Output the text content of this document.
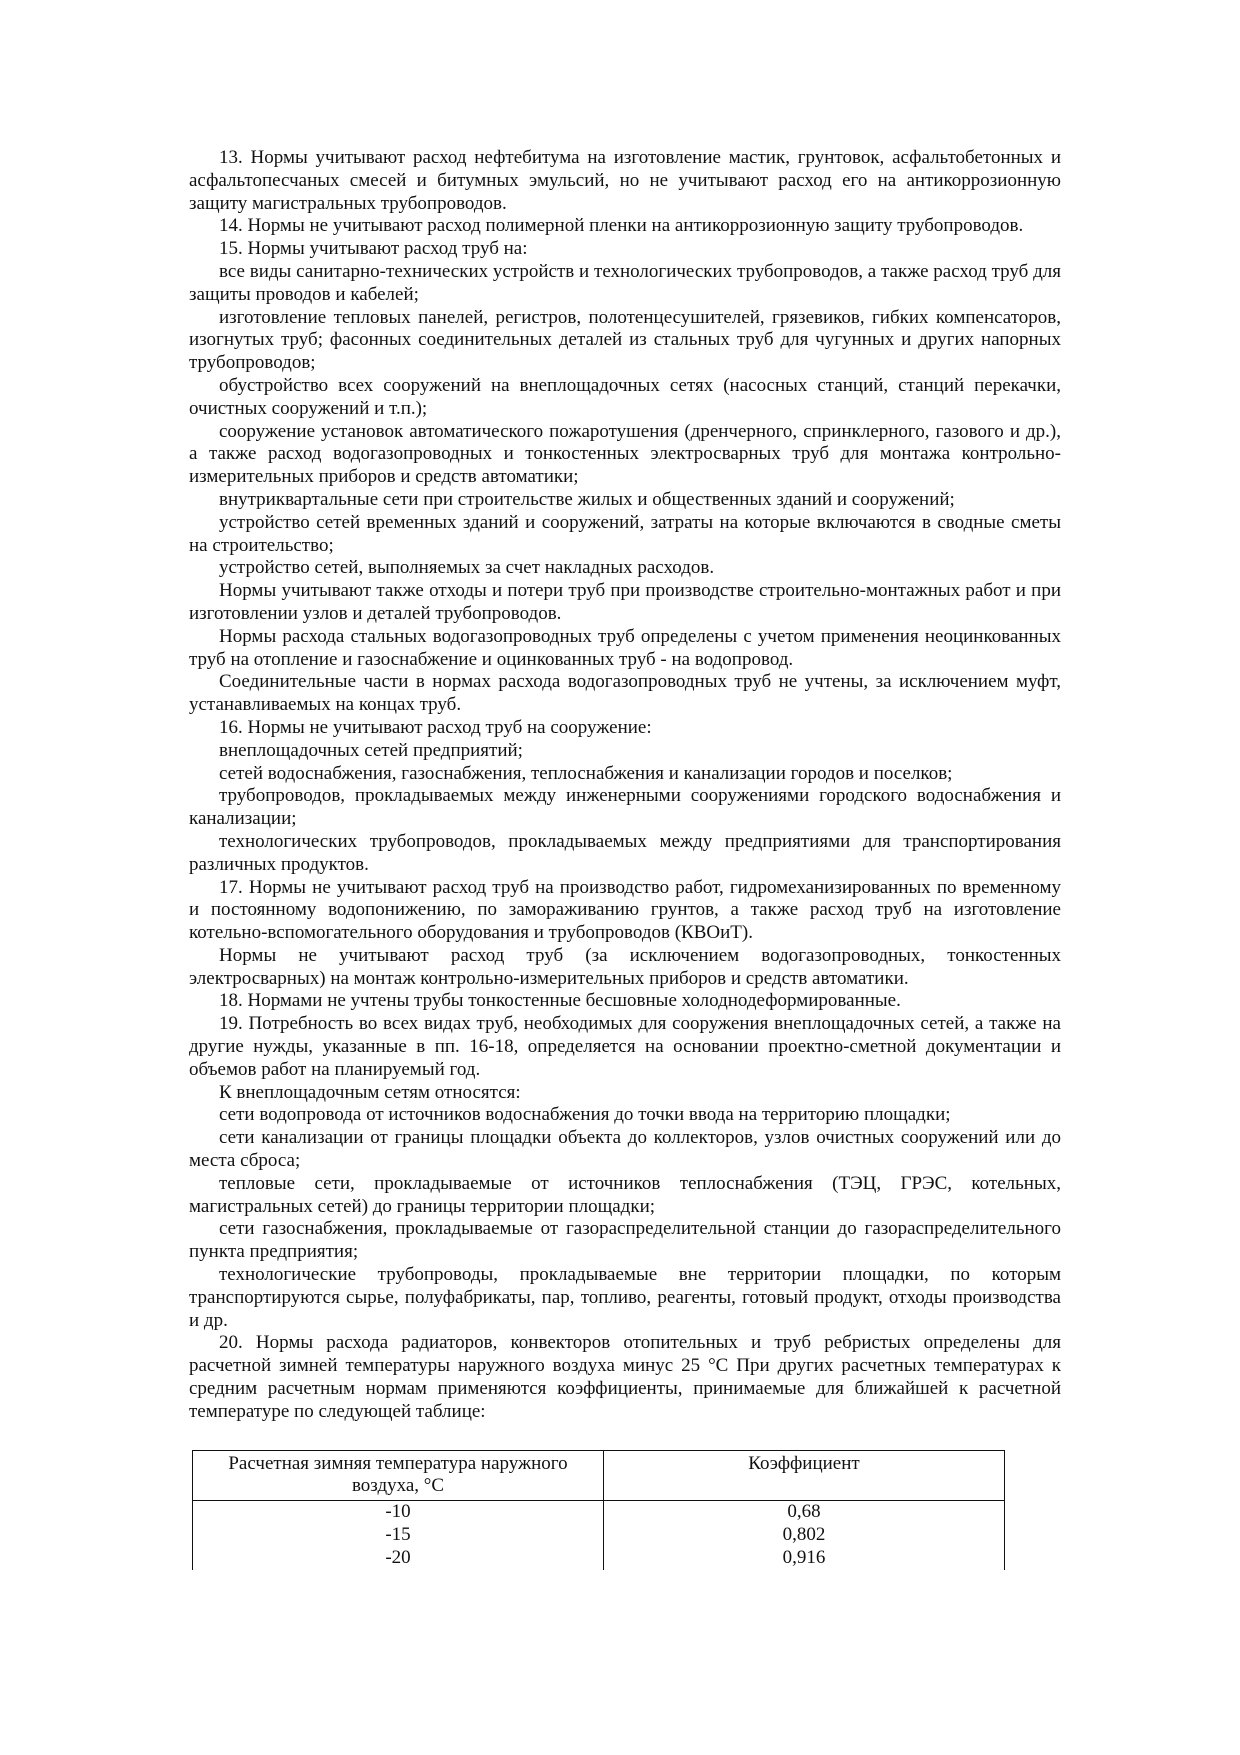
13. Нормы учитывают расход нефтебитума на изготовление мастик, грунтовок, асфальтобетонных и асфальтопесчаных смесей и битумных эмульсий, но не учитывают расход его на антикоррозионную защиту магистральных трубопроводов.

14. Нормы не учитывают расход полимерной пленки на антикоррозионную защиту трубопроводов.

15. Нормы учитывают расход труб на:

все виды санитарно-технических устройств и технологических трубопроводов, а также расход труб для защиты проводов и кабелей;

изготовление тепловых панелей, регистров, полотенцесушителей, грязевиков, гибких компенсаторов, изогнутых труб; фасонных соединительных деталей из стальных труб для чугунных и других напорных трубопроводов;

обустройство всех сооружений на внеплощадочных сетях (насосных станций, станций перекачки, очистных сооружений и т.п.);

сооружение установок автоматического пожаротушения (дренчерного, спринклерного, газового и др.), а также расход водогазопроводных и тонкостенных электросварных труб для монтажа контрольно-измерительных приборов и средств автоматики;

внутриквартальные сети при строительстве жилых и общественных зданий и сооружений;

устройство сетей временных зданий и сооружений, затраты на которые включаются в сводные сметы на строительство;

устройство сетей, выполняемых за счет накладных расходов.

Нормы учитывают также отходы и потери труб при производстве строительно-монтажных работ и при изготовлении узлов и деталей трубопроводов.

Нормы расхода стальных водогазопроводных труб определены с учетом применения неоцинкованных труб на отопление и газоснабжение и оцинкованных труб - на водопровод.

Соединительные части в нормах расхода водогазопроводных труб не учтены, за исключением муфт, устанавливаемых на концах труб.

16. Нормы не учитывают расход труб на сооружение:

внеплощадочных сетей предприятий;

сетей водоснабжения, газоснабжения, теплоснабжения и канализации городов и поселков;

трубопроводов, прокладываемых между инженерными сооружениями городского водоснабжения и канализации;

технологических трубопроводов, прокладываемых между предприятиями для транспортирования различных продуктов.

17. Нормы не учитывают расход труб на производство работ, гидромеханизированных по временному и постоянному водопонижению, по замораживанию грунтов, а также расход труб на изготовление котельно-вспомогательного оборудования и трубопроводов (КВОиТ).

Нормы не учитывают расход труб (за исключением водогазопроводных, тонкостенных электросварных) на монтаж контрольно-измерительных приборов и средств автоматики.

18. Нормами не учтены трубы тонкостенные бесшовные холоднодеформированные.

19. Потребность во всех видах труб, необходимых для сооружения внеплощадочных сетей, а также на другие нужды, указанные в пп. 16-18, определяется на основании проектно-сметной документации и объемов работ на планируемый год.

К внеплощадочным сетям относятся:

сети водопровода от источников водоснабжения до точки ввода на территорию площадки;

сети канализации от границы площадки объекта до коллекторов, узлов очистных сооружений или до места сброса;

тепловые сети, прокладываемые от источников теплоснабжения (ТЭЦ, ГРЭС, котельных, магистральных сетей) до границы территории площадки;

сети газоснабжения, прокладываемые от газораспределительной станции до газораспределительного пункта предприятия;

технологические трубопроводы, прокладываемые вне территории площадки, по которым транспортируются сырье, полуфабрикаты, пар, топливо, реагенты, готовый продукт, отходы производства и др.

20. Нормы расхода радиаторов, конвекторов отопительных и труб ребристых определены для расчетной зимней температуры наружного воздуха минус 25 °С При других расчетных температурах к средним расчетным нормам применяются коэффициенты, принимаемые для ближайшей к расчетной температуре по следующей таблице:

Расчетная зимняя температура наружного воздуха, °С	Коэффициент
-10	0,68
-15	0,802
-20	0,916
